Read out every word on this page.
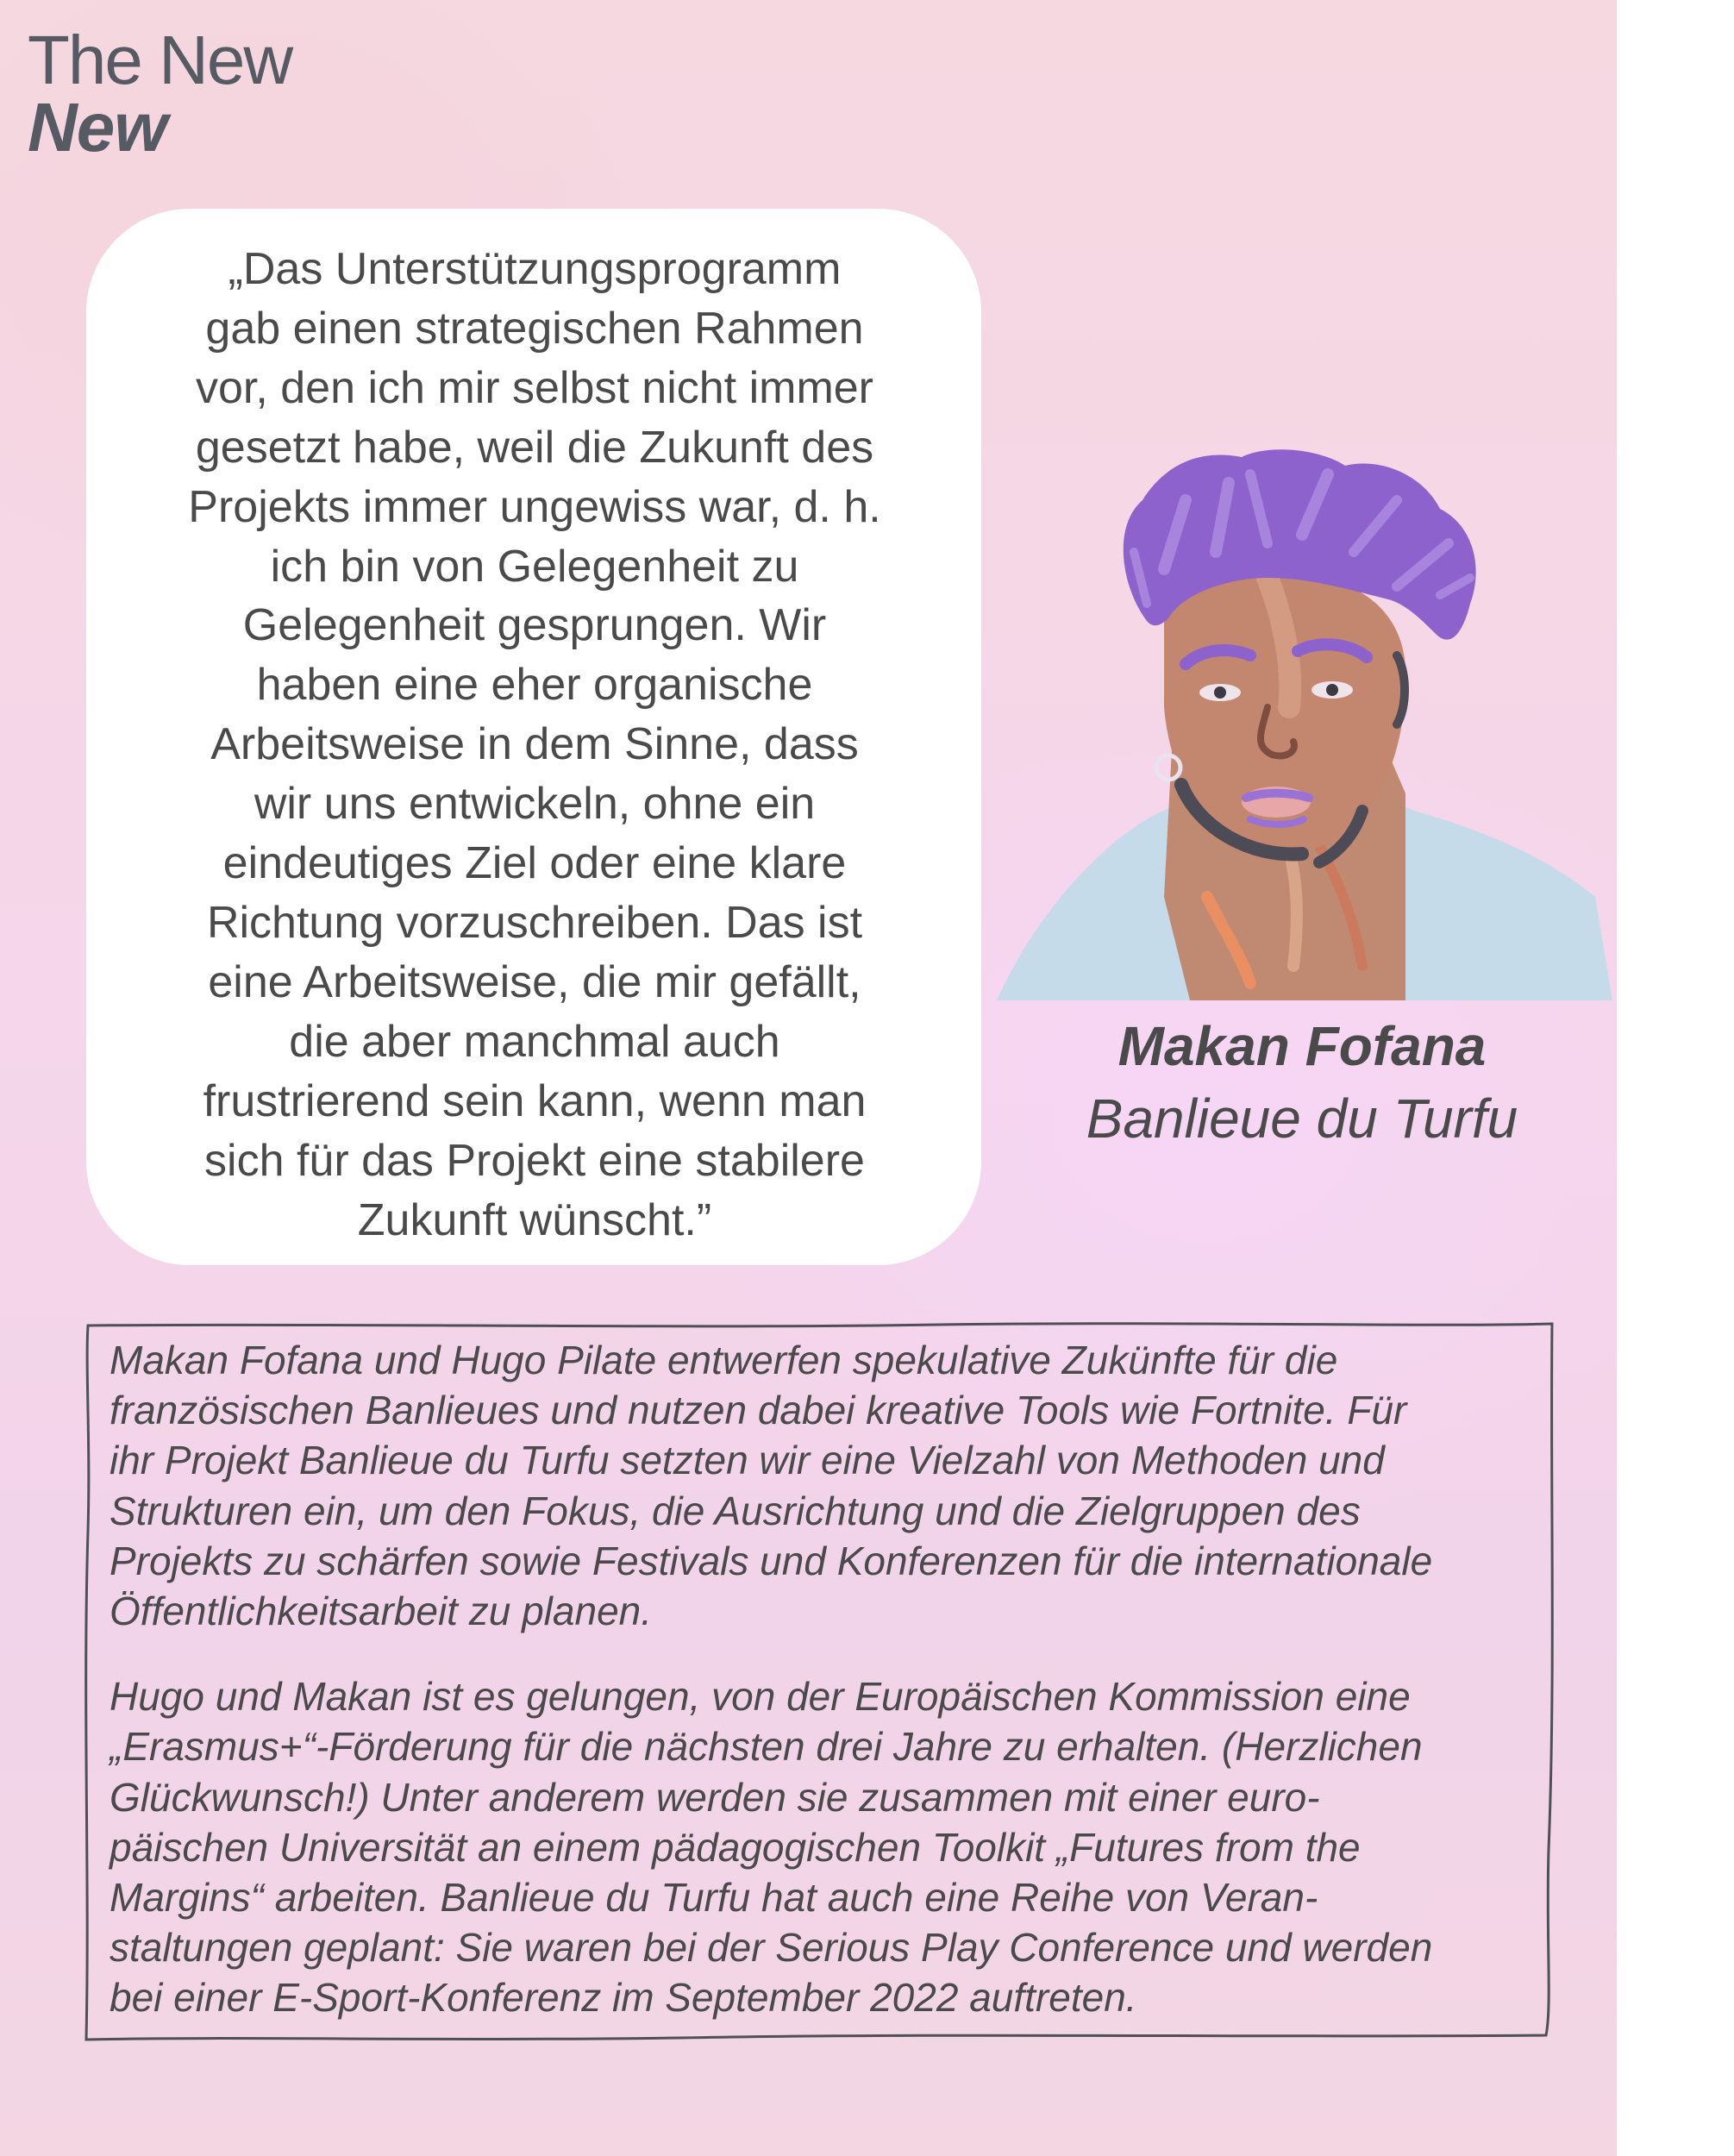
The New
New
„Das Unterstützungsprogramm
gab einen strategischen Rahmen
vor, den ich mir selbst nicht immer
gesetzt habe, weil die Zukunft des
Projekts immer ungewiss war, d. h.
ich bin von Gelegenheit zu
Gelegenheit gesprungen. Wir
haben eine eher organische
Arbeitsweise in dem Sinne, dass
wir uns entwickeln, ohne ein
eindeutiges Ziel oder eine klare
Richtung vorzuschreiben. Das ist
eine Arbeitsweise, die mir gefällt,
die aber manchmal auch
frustrierend sein kann, wenn man
sich für das Projekt eine stabilere
Zukunft wünscht.”
Makan Fofana
Banlieue du Turfu
Makan Fofana und Hugo Pilate entwerfen spekulative Zukünfte für die
französischen Banlieues und nutzen dabei kreative Tools wie Fortnite. Für
ihr Projekt Banlieue du Turfu setzten wir eine Vielzahl von Methoden und
Strukturen ein, um den Fokus, die Ausrichtung und die Zielgruppen des
Projekts zu schärfen sowie Festivals und Konferenzen für die internationale
Öffentlichkeitsarbeit zu planen.
Hugo und Makan ist es gelungen, von der Europäischen Kommission eine
„Erasmus+“-Förderung für die nächsten drei Jahre zu erhalten. (Herzlichen
Glückwunsch!) Unter anderem werden sie zusammen mit einer euro-
päischen Universität an einem pädagogischen Toolkit „Futures from the
Margins“ arbeiten. Banlieue du Turfu hat auch eine Reihe von Veran-
staltungen geplant: Sie waren bei der Serious Play Conference und werden
bei einer E-Sport-Konferenz im September 2022 auftreten.
